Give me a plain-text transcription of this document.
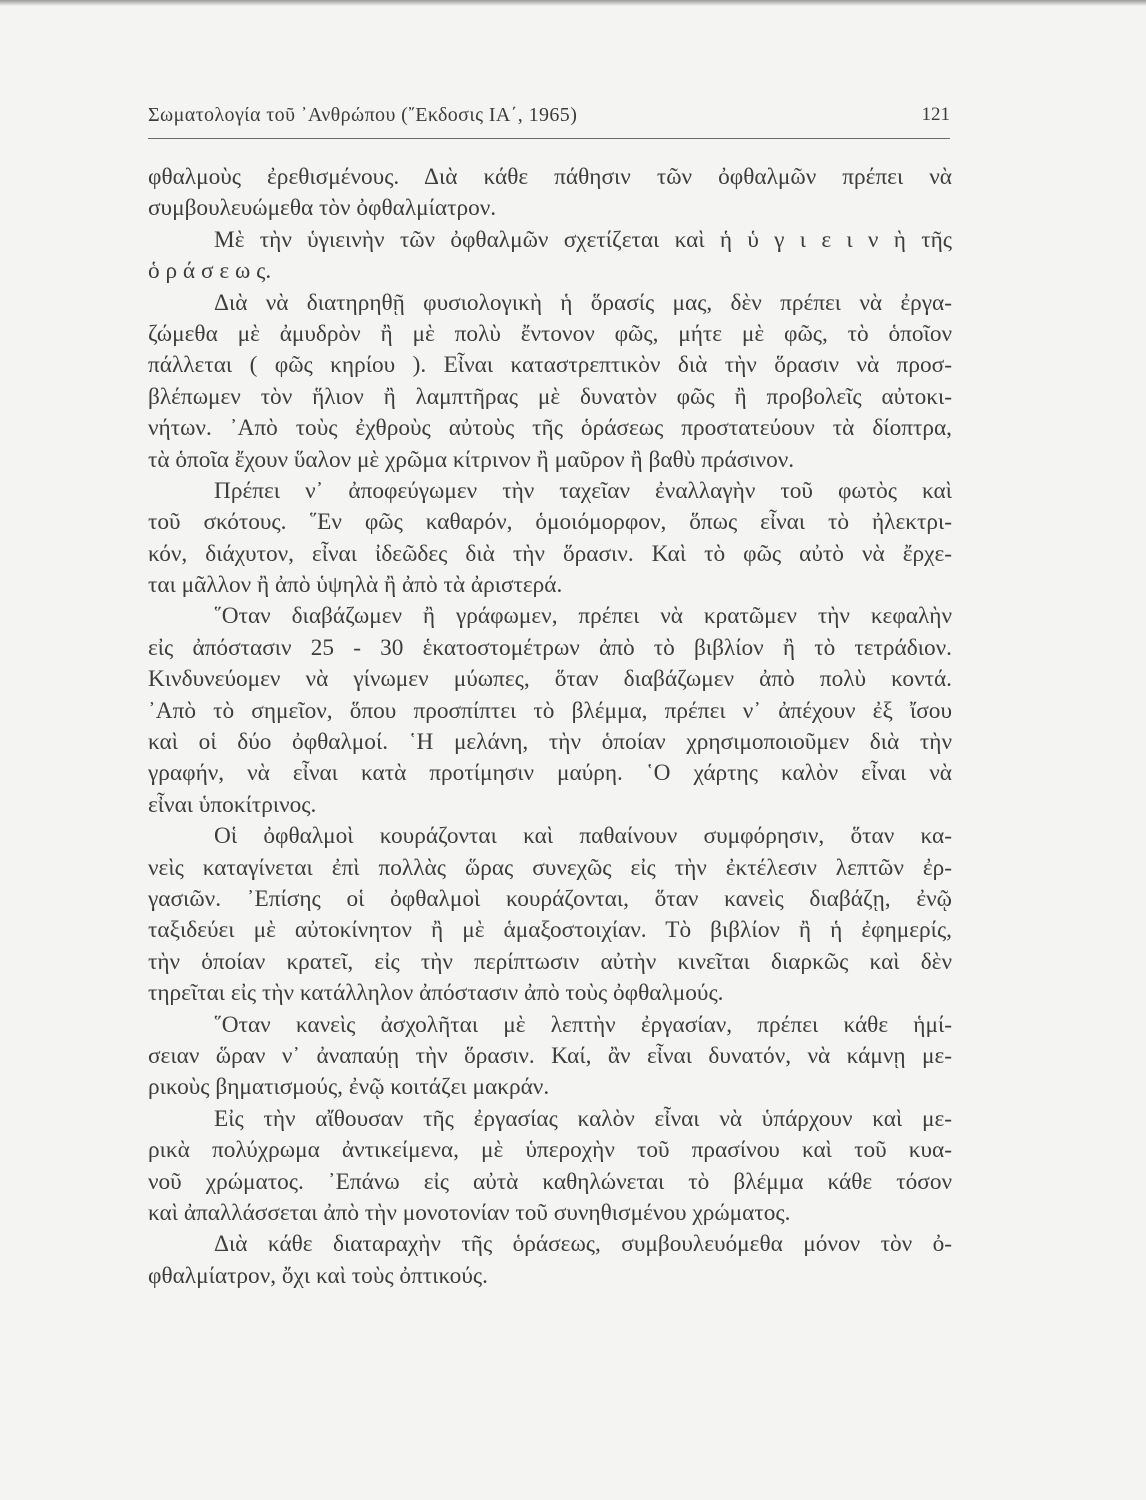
Σωματολογία τοῦ ᾿Ανθρώπου (῎Εκδοσις ΙΑ΄, 1965)	121
φθαλμοὺς ἐρεθισμένους. Διὰ κάθε πάθησιν τῶν ὀφθαλμῶν πρέπει νὰ
συμβουλευώμεθα τὸν ὀφθαλμίατρον.
Μὲ τὴν ὑγιεινὴν τῶν ὀφθαλμῶν σχετίζεται καὶ ἡ ὑ γ ι ε ι ν ὴ τῆς
ὁ ρ ά σ ε ω ς.
Διὰ νὰ διατηρηθῇ φυσιολογικὴ ἡ ὅρασίς μας, δὲν πρέπει νὰ ἐργα-
ζώμεθα μὲ ἀμυδρὸν ἢ μὲ πολὺ ἔντονον φῶς, μήτε μὲ φῶς, τὸ ὁποῖον
πάλλεται ( φῶς κηρίου ). Εἶναι καταστρεπτικὸν διὰ τὴν ὅρασιν νὰ προσ-
βλέπωμεν τὸν ἥλιον ἢ λαμπτῆρας μὲ δυνατὸν φῶς ἢ προβολεῖς αὐτοκι-
νήτων. ᾿Απὸ τοὺς ἐχθροὺς αὐτοὺς τῆς ὁράσεως προστατεύουν τὰ δίοπτρα,
τὰ ὁποῖα ἔχουν ὕαλον μὲ χρῶμα κίτρινον ἢ μαῦρον ἢ βαθὺ πράσινον.
Πρέπει ν᾿ ἀποφεύγωμεν τὴν ταχεῖαν ἐναλλαγὴν τοῦ φωτὸς καὶ
τοῦ σκότους. ῞Εν φῶς καθαρόν, ὁμοιόμορφον, ὅπως εἶναι τὸ ἠλεκτρι-
κόν, διάχυτον, εἶναι ἰδεῶδες διὰ τὴν ὅρασιν. Καὶ τὸ φῶς αὐτὸ νὰ ἔρχε-
ται μᾶλλον ἢ ἀπὸ ὑψηλὰ ἢ ἀπὸ τὰ ἀριστερά.
῞Οταν διαβάζωμεν ἢ γράφωμεν, πρέπει νὰ κρατῶμεν τὴν κεφαλὴν
εἰς ἀπόστασιν 25 - 30 ἑκατοστομέτρων ἀπὸ τὸ βιβλίον ἢ τὸ τετράδιον.
Κινδυνεύομεν νὰ γίνωμεν μύωπες, ὅταν διαβάζωμεν ἀπὸ πολὺ κοντά.
᾿Απὸ τὸ σημεῖον, ὅπου προσπίπτει τὸ βλέμμα, πρέπει ν᾿ ἀπέχουν ἐξ ἴσου
καὶ οἱ δύο ὀφθαλμοί. ῾Η μελάνη, τὴν ὁποίαν χρησιμοποιοῦμεν διὰ τὴν
γραφήν, νὰ εἶναι κατὰ προτίμησιν μαύρη. ῾Ο χάρτης καλὸν εἶναι νὰ
εἶναι ὑποκίτρινος.
Οἱ ὀφθαλμοὶ κουράζονται καὶ παθαίνουν συμφόρησιν, ὅταν κα-
νεὶς καταγίνεται ἐπὶ πολλὰς ὥρας συνεχῶς εἰς τὴν ἐκτέλεσιν λεπτῶν ἐρ-
γασιῶν. ᾿Επίσης οἱ ὀφθαλμοὶ κουράζονται, ὅταν κανεὶς διαβάζῃ, ἐνῷ
ταξιδεύει μὲ αὐτοκίνητον ἢ μὲ ἁμαξοστοιχίαν. Τὸ βιβλίον ἢ ἡ ἐφημερίς,
τὴν ὁποίαν κρατεῖ, εἰς τὴν περίπτωσιν αὐτὴν κινεῖται διαρκῶς καὶ δὲν
τηρεῖται εἰς τὴν κατάλληλον ἀπόστασιν ἀπὸ τοὺς ὀφθαλμούς.
῞Οταν κανεὶς ἀσχολῆται μὲ λεπτὴν ἐργασίαν, πρέπει κάθε ἡμί-
σειαν ὥραν ν᾿ ἀναπαύῃ τὴν ὅρασιν. Καί, ἂν εἶναι δυνατόν, νὰ κάμνῃ με-
ρικοὺς βηματισμούς, ἐνῷ κοιτάζει μακράν.
Εἰς τὴν αἴθουσαν τῆς ἐργασίας καλὸν εἶναι νὰ ὑπάρχουν καὶ με-
ρικὰ πολύχρωμα ἀντικείμενα, μὲ ὑπεροχὴν τοῦ πρασίνου καὶ τοῦ κυα-
νοῦ χρώματος. ᾿Επάνω εἰς αὐτὰ καθηλώνεται τὸ βλέμμα κάθε τόσον
καὶ ἀπαλλάσσεται ἀπὸ τὴν μονοτονίαν τοῦ συνηθισμένου χρώματος.
Διὰ κάθε διαταραχὴν τῆς ὁράσεως, συμβουλευόμεθα μόνον τὸν ὀ-
φθαλμίατρον, ὄχι καὶ τοὺς ὀπτικούς.
